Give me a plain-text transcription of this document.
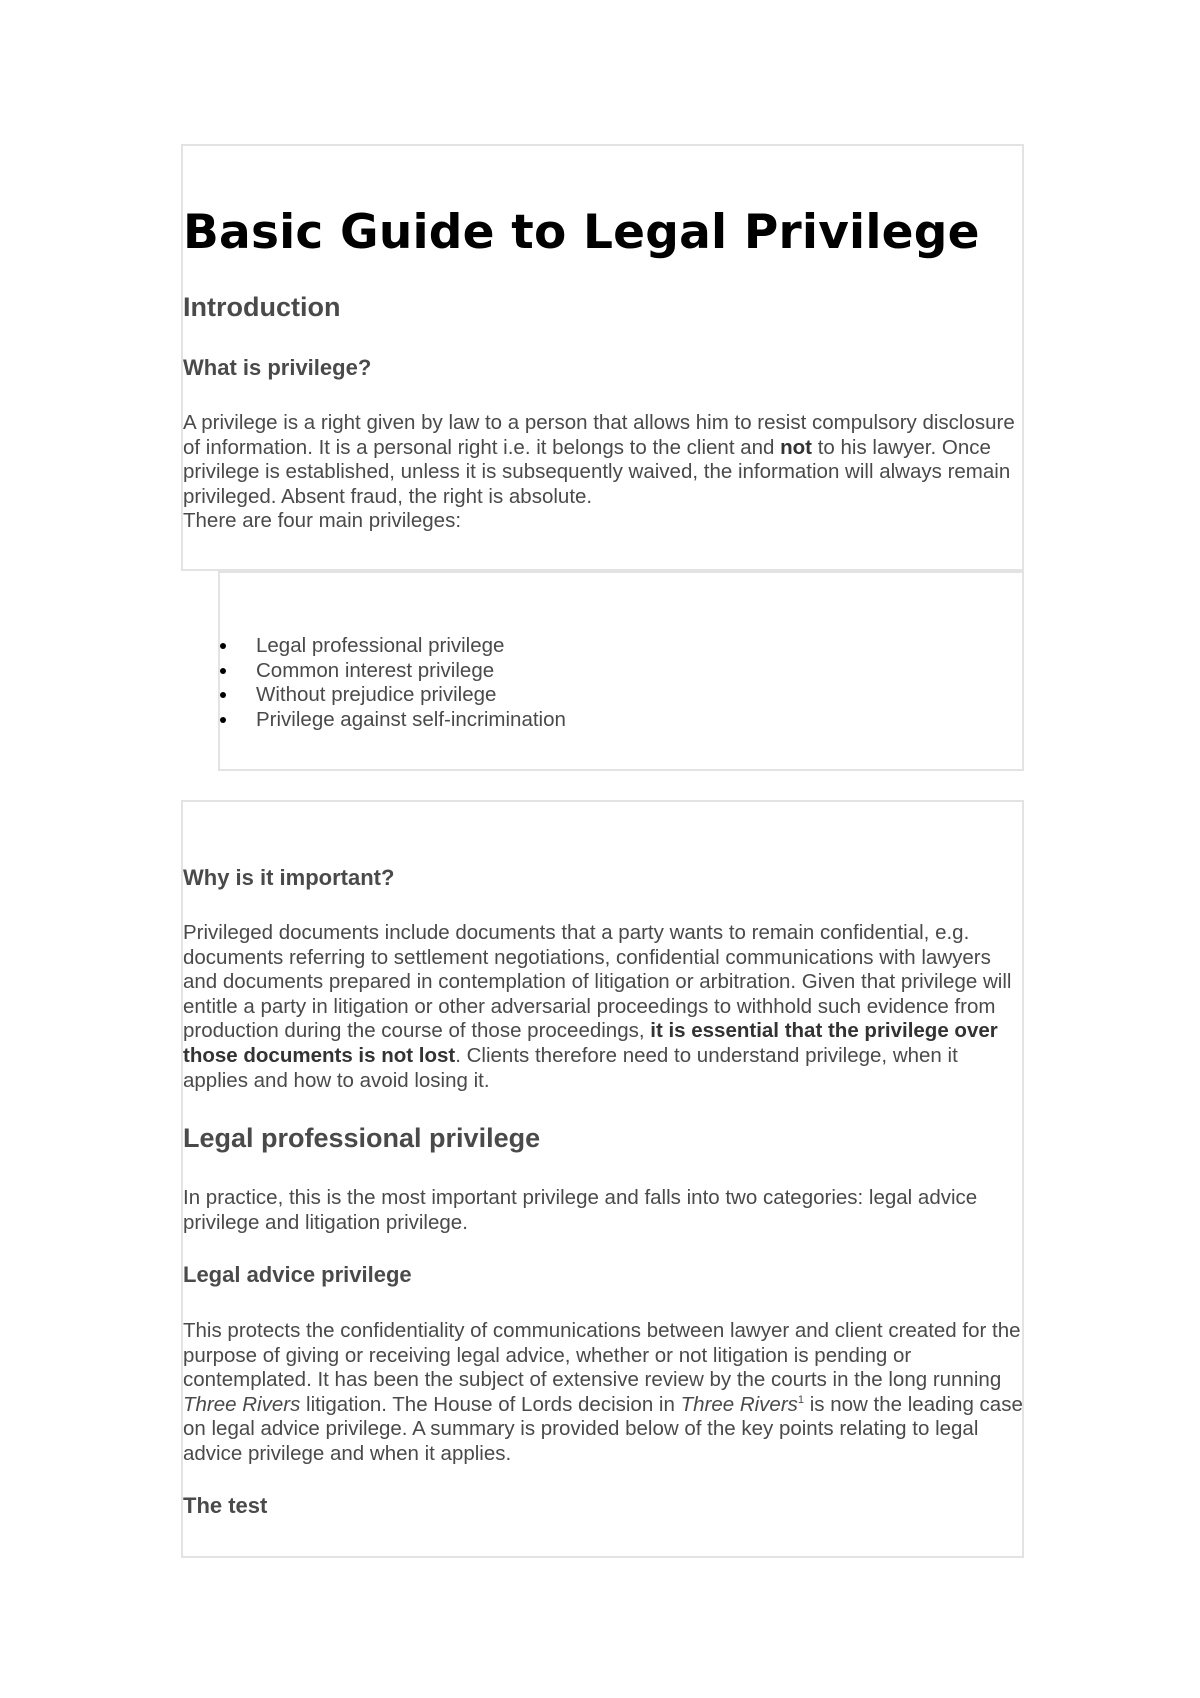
Basic Guide to Legal Privilege
Introduction
What is privilege?

A privilege is a right given by law to a person that allows him to resist compulsory disclosure of information. It is a personal right i.e. it belongs to the client and not to his lawyer. Once privilege is established, unless it is subsequently waived, the information will always remain privileged. Absent fraud, the right is absolute.
There are four main privileges:

Legal professional privilege
Common interest privilege
Without prejudice privilege
Privilege against self-incrimination
Why is it important?

Privileged documents include documents that a party wants to remain confidential, e.g. documents referring to settlement negotiations, confidential communications with lawyers and documents prepared in contemplation of litigation or arbitration. Given that privilege will entitle a party in litigation or other adversarial proceedings to withhold such evidence from production during the course of those proceedings, it is essential that the privilege over those documents is not lost. Clients therefore need to understand privilege, when it applies and how to avoid losing it.

Legal professional privilege

In practice, this is the most important privilege and falls into two categories: legal advice privilege and litigation privilege.

Legal advice privilege

This protects the confidentiality of communications between lawyer and client created for the purpose of giving or receiving legal advice, whether or not litigation is pending or contemplated. It has been the subject of extensive review by the courts in the long running Three Rivers litigation. The House of Lords decision in Three Rivers$^1$ is now the leading case on legal advice privilege. A summary is provided below of the key points relating to legal advice privilege and when it applies.

The test
